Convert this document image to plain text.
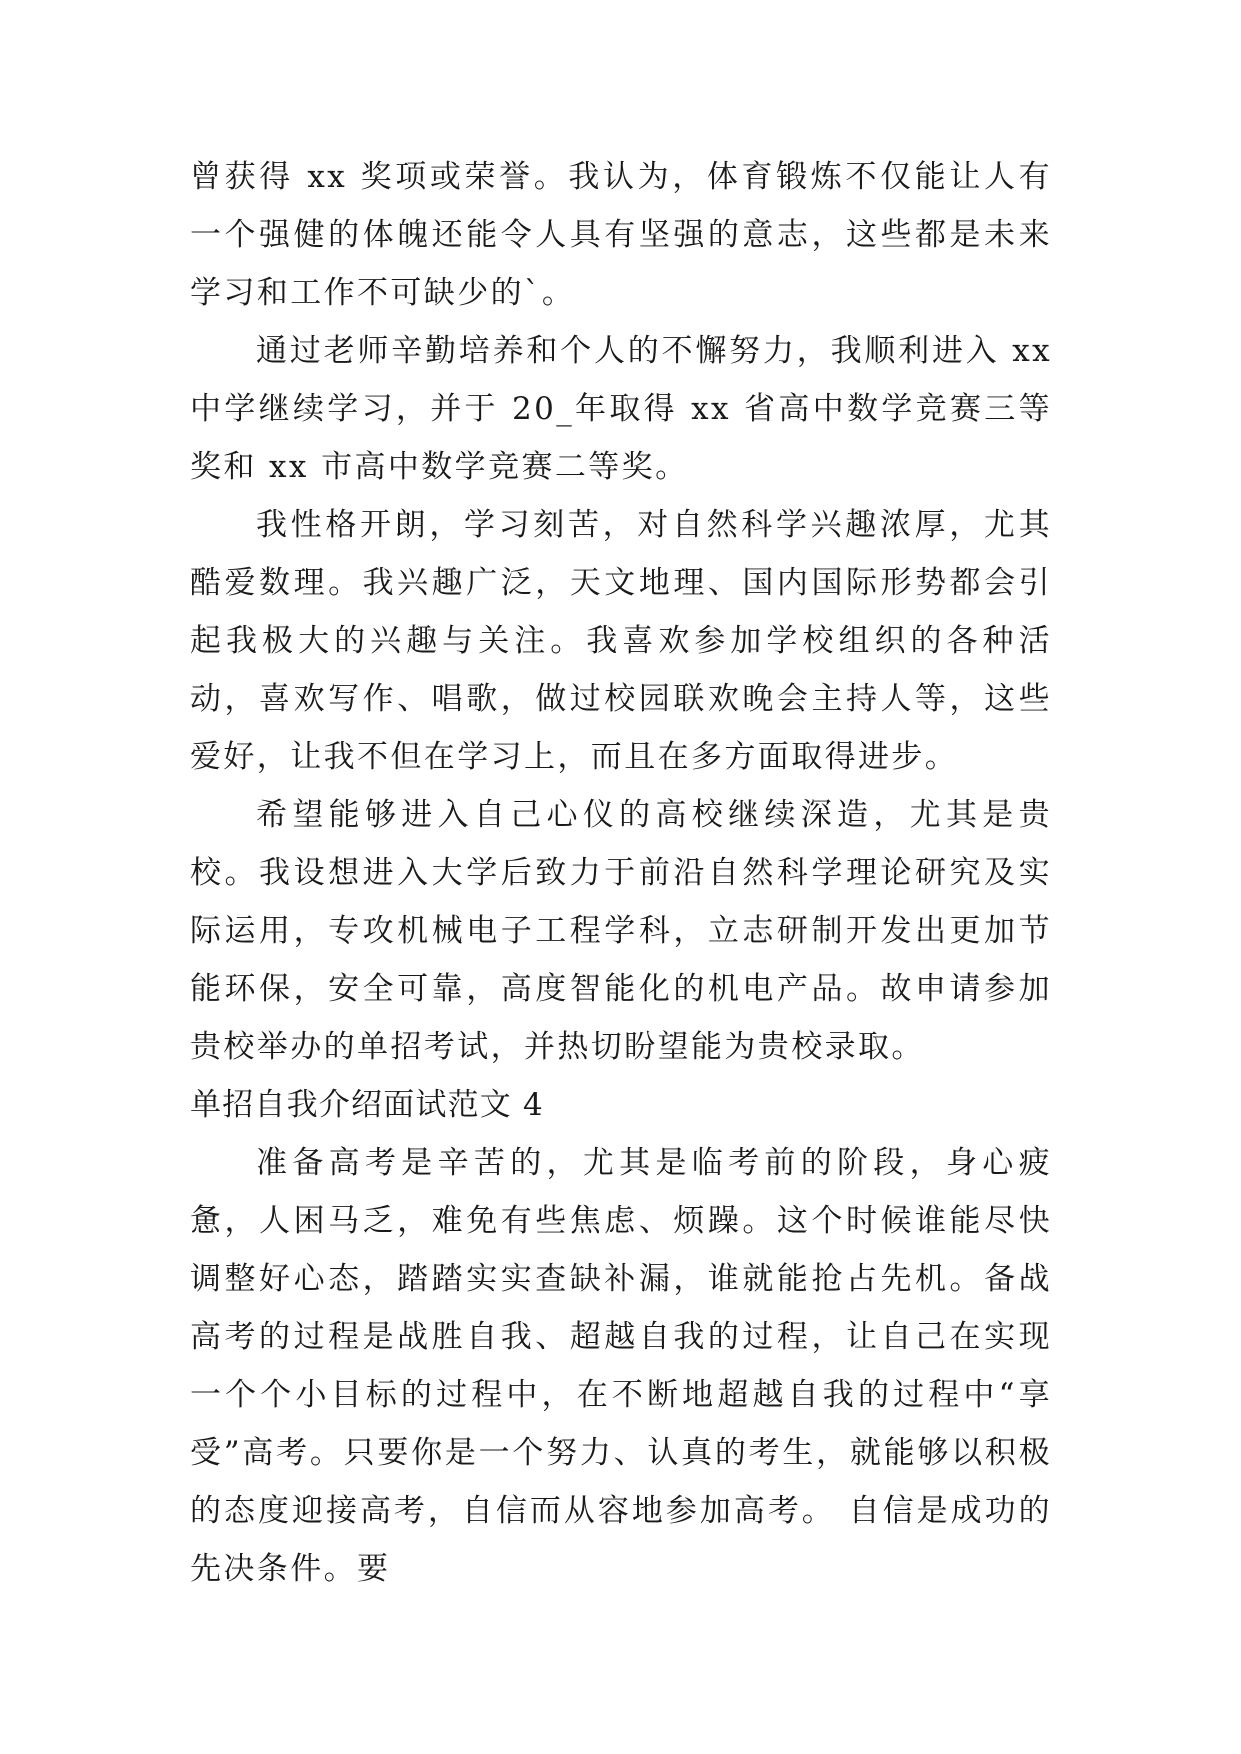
曾获得 xx 奖项或荣誉。我认为，体育锻炼不仅能让人有一个强健的体魄还能令人具有坚强的意志，这些都是未来学习和工作不可缺少的`。

通过老师辛勤培养和个人的不懈努力，我顺利进入 xx 中学继续学习，并于 20_年取得 xx 省高中数学竞赛三等奖和 xx 市高中数学竞赛二等奖。

我性格开朗，学习刻苦，对自然科学兴趣浓厚，尤其酷爱数理。我兴趣广泛，天文地理、国内国际形势都会引起我极大的兴趣与关注。我喜欢参加学校组织的各种活动，喜欢写作、唱歌，做过校园联欢晚会主持人等，这些爱好，让我不但在学习上，而且在多方面取得进步。

希望能够进入自己心仪的高校继续深造，尤其是贵校。我设想进入大学后致力于前沿自然科学理论研究及实际运用，专攻机械电子工程学科，立志研制开发出更加节能环保，安全可靠，高度智能化的机电产品。故申请参加贵校举办的单招考试，并热切盼望能为贵校录取。

单招自我介绍面试范文 4

准备高考是辛苦的，尤其是临考前的阶段，身心疲惫，人困马乏，难免有些焦虑、烦躁。这个时候谁能尽快调整好心态，踏踏实实查缺补漏，谁就能抢占先机。备战高考的过程是战胜自我、超越自我的过程，让自己在实现一个个小目标的过程中，在不断地超越自我的过程中“享受”高考。只要你是一个努力、认真的考生，就能够以积极的态度迎接高考，自信而从容地参加高考。 自信是成功的先决条件。要
